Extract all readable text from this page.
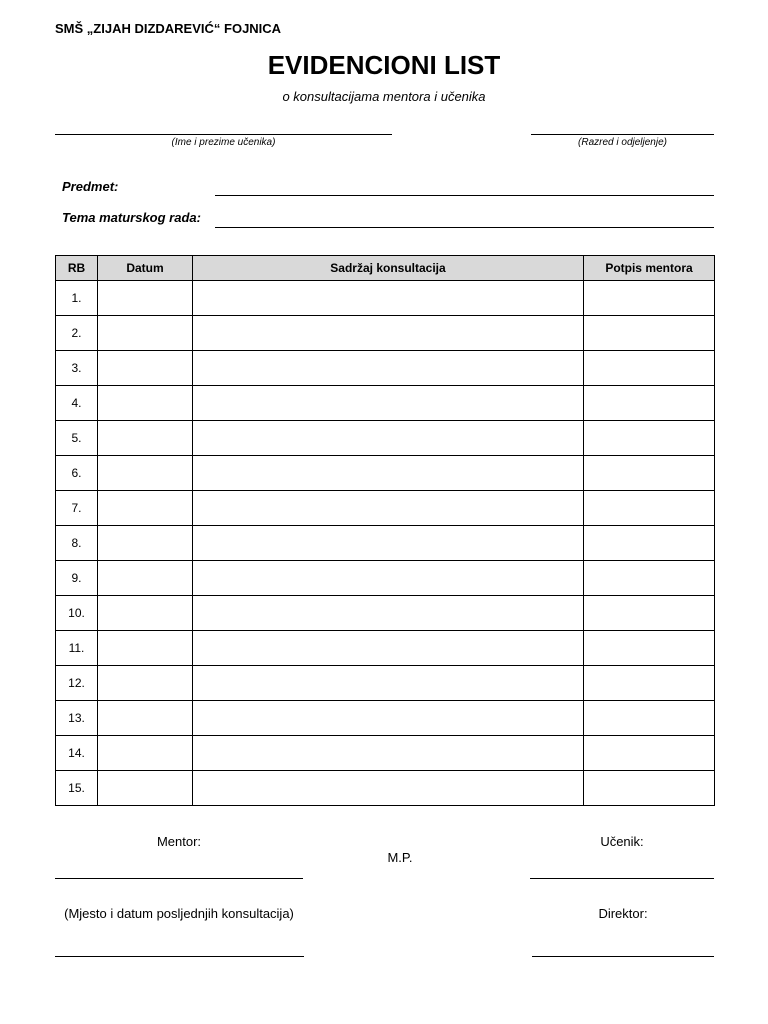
SMŠ „ZIJAH DIZDAREVIĆ“ FOJNICA
EVIDENCIONI LIST
o konsultacijama mentora i učenika
(Ime i prezime učenika)	(Razred i odjeljenje)
Predmet:
Tema maturskog rada:
RB	Datum	Sadržaj konsultacija	Potpis mentora
1.			
2.			
3.			
4.			
5.			
6.			
7.			
8.			
9.			
10.			
11.			
12.			
13.			
14.			
15.			
Mentor:
M.P.
Učenik:
(Mjesto i datum posljednjih konsultacija)	Direktor:
